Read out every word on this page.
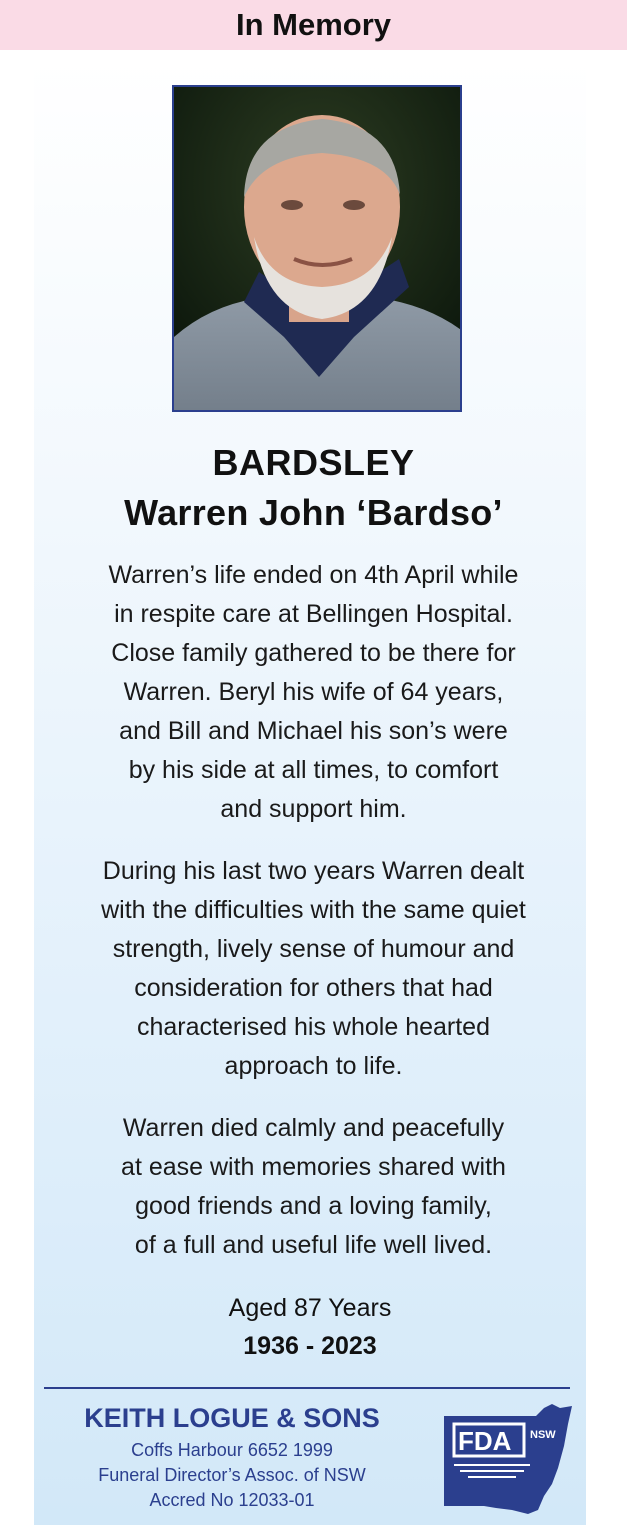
In Memory
BARDSLEY
Warren John ‘Bardso’
Warren’s life ended on 4th April while
in respite care at Bellingen Hospital.
Close family gathered to be there for
Warren. Beryl his wife of 64 years,
and Bill and Michael his son’s were
by his side at all times, to comfort
and support him.
During his last two years Warren dealt
with the difficulties with the same quiet
strength, lively sense of humour and
consideration for others that had
characterised his whole hearted
approach to life.
Warren died calmly and peacefully
at ease with memories shared with
good friends and a loving family,
of a full and useful life well lived.
Aged 87 Years
1936 - 2023
KEITH LOGUE & SONS
Coffs Harbour 6652 1999
Funeral Director’s Assoc. of NSW
Accred No 12033-01
FDA NSW
